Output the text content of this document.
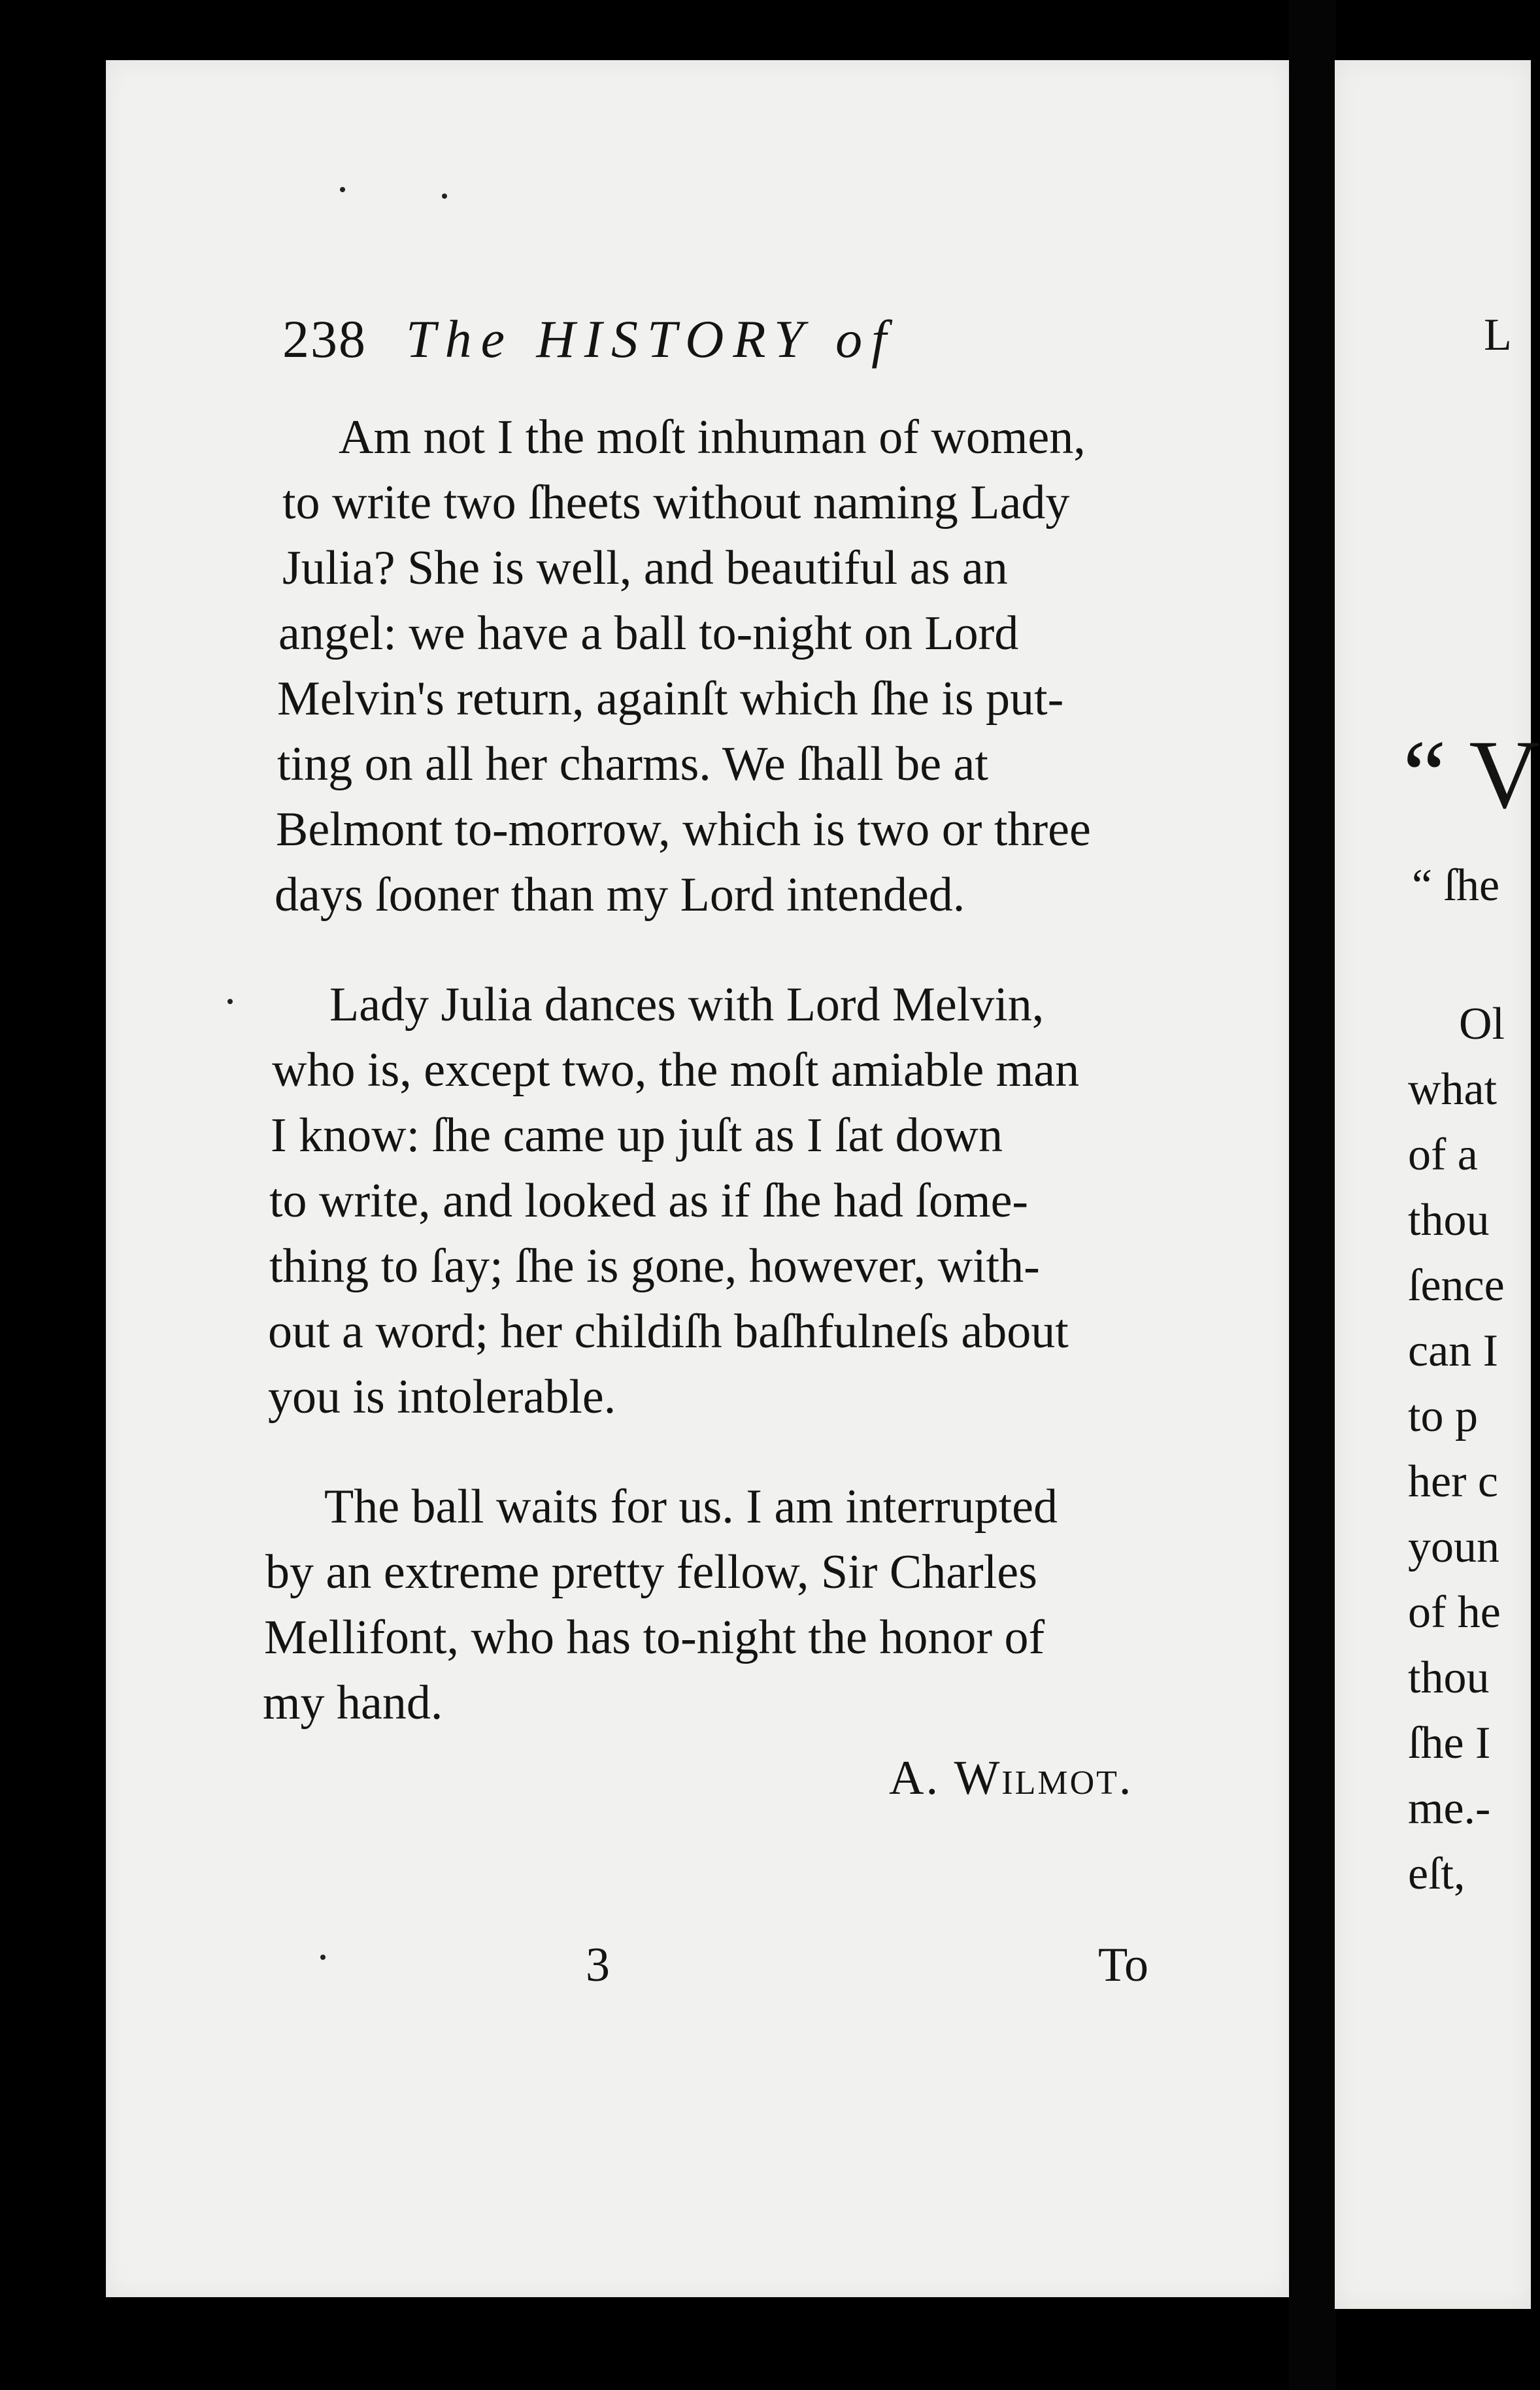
238 The HISTORY of
Am not I the moſt inhuman of women,
to write two ſheets without naming Lady
Julia? She is well, and beautiful as an
angel: we have a ball to-night on Lord
Melvin's return, againſt which ſhe is put-
ting on all her charms. We ſhall be at
Belmont to-morrow, which is two or three
days ſooner than my Lord intended.
Lady Julia dances with Lord Melvin,
who is, except two, the moſt amiable man
I know: ſhe came up juſt as I ſat down
to write, and looked as if ſhe had ſome-
thing to ſay; ſhe is gone, however, with-
out a word; her childiſh baſhfulneſs about
you is intolerable.
The ball waits for us. I am interrupted
by an extreme pretty fellow, Sir Charles
Mellifont, who has to-night the honor of
my hand.
A. Wilmot.
3	To
L
“ V
“ ſhe
Ol
what
of a
thou
ſence
can I
to p
her c
youn
of he
thou
ſhe I
me.-
eſt,
